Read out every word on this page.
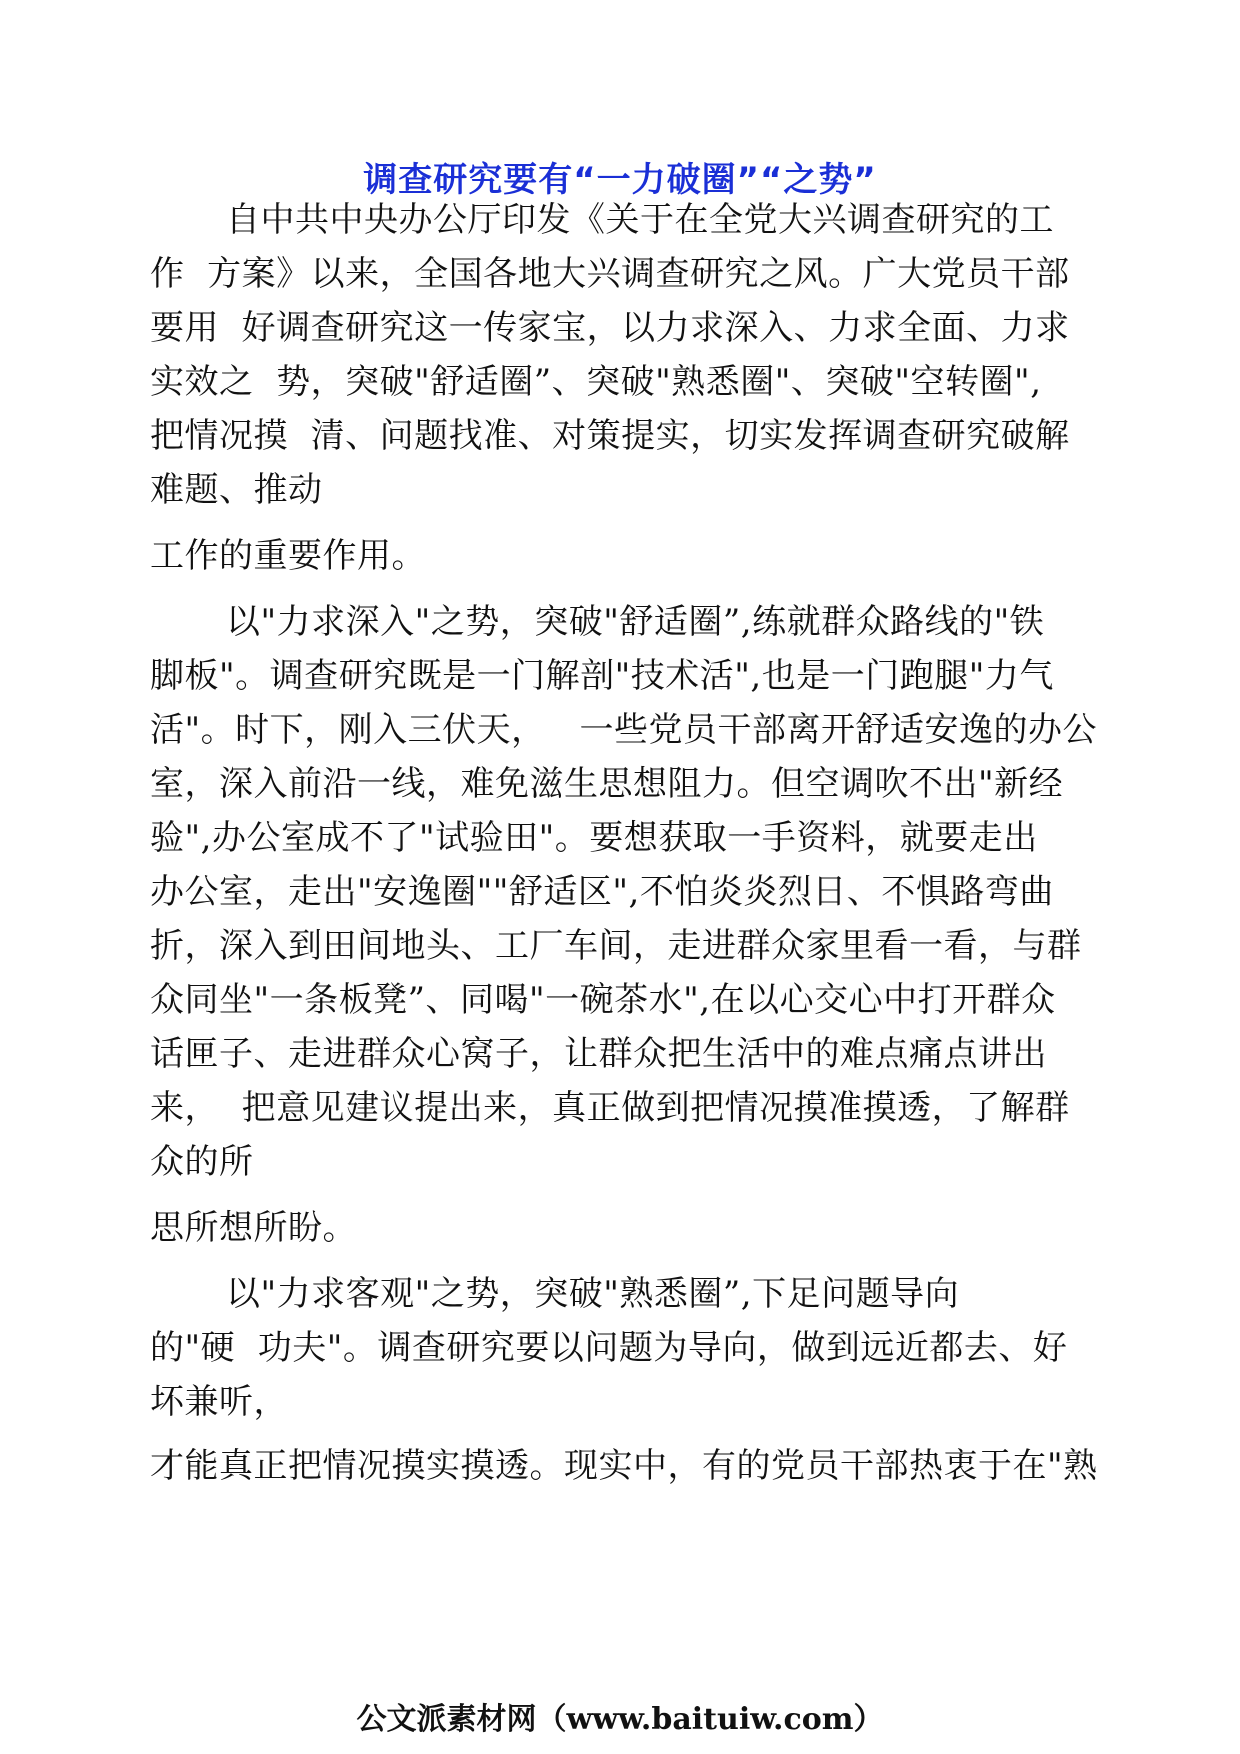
调查研究要有“一力破圈”“之势”
自中共中央办公厅印发《关于在全党大兴调查研究的工
作  方案》以来，全国各地大兴调查研究之风。广大党员干部
要用  好调查研究这一传家宝，以力求深入、力求全面、力求
实效之  势，突破"舒适圈”、突破"熟悉圈"、突破"空转圈",
把情况摸  清、问题找准、对策提实，切实发挥调查研究破解
难题、推动
工作的重要作用。
以"力求深入"之势，突破"舒适圈”,练就群众路线的"铁
脚板"。调查研究既是一门解剖"技术活",也是一门跑腿"力气
活"。时下，刚入三伏天，   一些党员干部离开舒适安逸的办公
室，深入前沿一线，难免滋生思想阻力。但空调吹不出"新经
验",办公室成不了"试验田"。要想获取一手资料，就要走出
办公室，走出"安逸圈""舒适区",不怕炎炎烈日、不惧路弯曲
折，深入到田间地头、工厂车间，走进群众家里看一看，与群
众同坐"一条板凳”、同喝"一碗茶水",在以心交心中打开群众
话匣子、走进群众心窝子，让群众把生活中的难点痛点讲出
来，  把意见建议提出来，真正做到把情况摸准摸透，了解群
众的所
思所想所盼。
以"力求客观"之势，突破"熟悉圈”,下足问题导向
的"硬  功夫"。调查研究要以问题为导向，做到远近都去、好
坏兼听，
才能真正把情况摸实摸透。现实中，有的党员干部热衷于在"熟
公文派素材网（www.baituiw.com）
